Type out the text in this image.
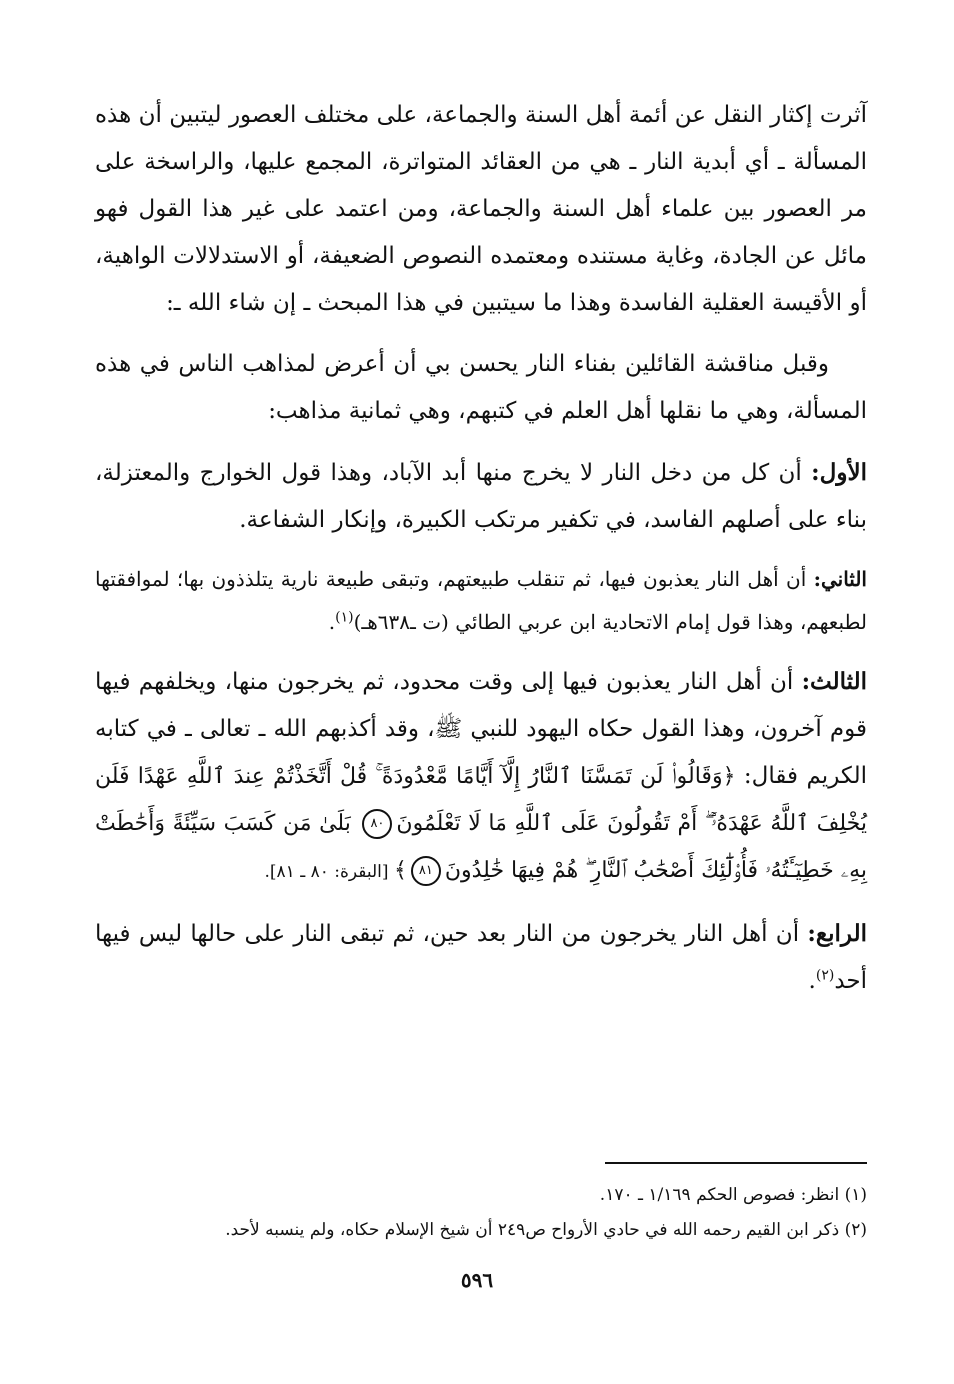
آثرت إكثار النقل عن أئمة أهل السنة والجماعة، على مختلف العصور ليتبين أن هذه المسألة ـ أي أبدية النار ـ هي من العقائد المتواترة، المجمع عليها، والراسخة على مر العصور بين علماء أهل السنة والجماعة، ومن اعتمد على غير هذا القول فهو مائل عن الجادة، وغاية مستنده ومعتمده النصوص الضعيفة، أو الاستدلالات الواهية، أو الأقيسة العقلية الفاسدة وهذا ما سيتبين في هذا المبحث ـ إن شاء الله ـ:

وقبل مناقشة القائلين بفناء النار يحسن بي أن أعرض لمذاهب الناس في هذه المسألة، وهي ما نقلها أهل العلم في كتبهم، وهي ثمانية مذاهب:

الأول: أن كل من دخل النار لا يخرج منها أبد الآباد، وهذا قول الخوارج والمعتزلة، بناء على أصلهم الفاسد، في تكفير مرتكب الكبيرة، وإنكار الشفاعة.

الثاني: أن أهل النار يعذبون فيها، ثم تنقلب طبيعتهم، وتبقى طبيعة نارية يتلذذون بها؛ لموافقتها لطبعهم، وهذا قول إمام الاتحادية ابن عربي الطائي (ت ـ٦٣٨هـ)$^{(١)}$.

الثالث: أن أهل النار يعذبون فيها إلى وقت محدود، ثم يخرجون منها، ويخلفهم فيها قوم آخرون، وهذا القول حكاه اليهود للنبي ﷺ، وقد أكذبهم الله ـ تعالى ـ في كتابه الكريم فقال: ﴿وَقَالُوا۟ لَن تَمَسَّنَا ٱلنَّارُ إِلَّآ أَيَّامًا مَّعْدُودَةً ۚ قُلْ أَتَّخَذْتُمْ عِندَ ٱللَّهِ عَهْدًا فَلَن يُخْلِفَ ٱللَّهُ عَهْدَهُۥٓ ۖ أَمْ تَقُولُونَ عَلَى ٱللَّهِ مَا لَا تَعْلَمُونَ٨٠ بَلَىٰ مَن كَسَبَ سَيِّئَةً وَأَحَٰطَتْ بِهِۦ خَطِيٓـَٔتُهُۥ فَأُو۟لَٰٓئِكَ أَصْحَٰبُ ٱلنَّارِ ۖ هُمْ فِيهَا خَٰلِدُونَ٨١﴾ [البقرة: ٨٠ ـ ٨١].

الرابع: أن أهل النار يخرجون من النار بعد حين، ثم تبقى النار على حالها ليس فيها أحد$^{(٢)}$.

(١) انظر: فصوص الحكم ١/١٦٩ ـ ١٧٠.

(٢) ذكر ابن القيم رحمه الله في حادي الأرواح ص٢٤٩ أن شيخ الإسلام حكاه، ولم ينسبه لأحد.

٥٩٦
